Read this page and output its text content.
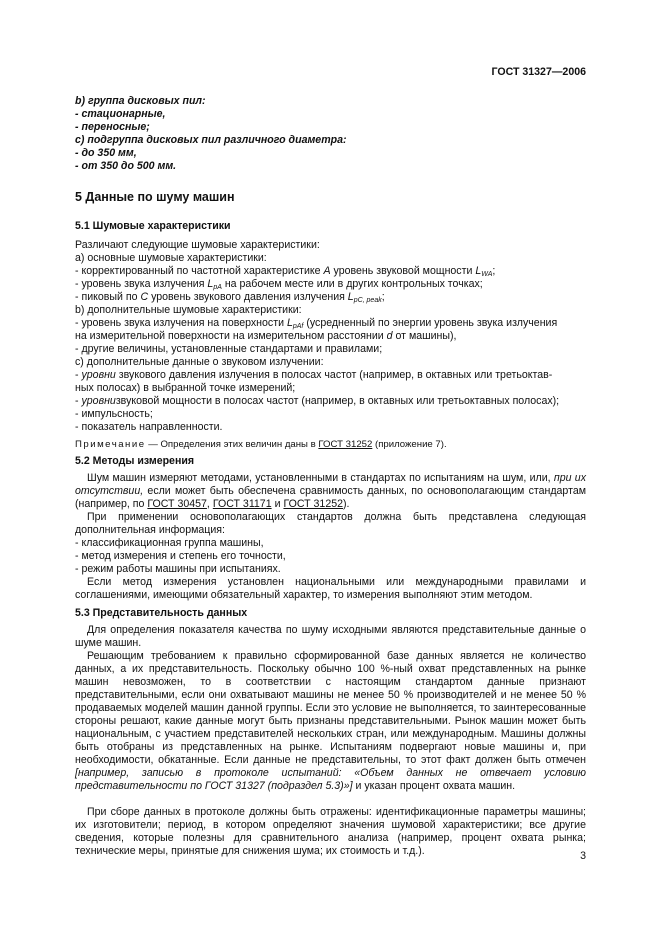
ГОСТ 31327—2006

b) группа дисковых пил:

- стационарные,

- переносные;

c) подгруппа дисковых пил различного диаметра:

- до 350 мм,

- от 350 до 500 мм.

5 Данные по шуму машин

5.1 Шумовые характеристики

Различают следующие шумовые характеристики:

а) основные шумовые характеристики:

- корректированный по частотной характеристике A уровень звуковой мощности $L_{WA}$;

- уровень звука излучения $L_{pA}$ на рабочем месте или в других контрольных точках;

- пиковый по C уровень звукового давления излучения $L_{pC, peak}$;

b) дополнительные шумовые характеристики:

- уровень звука излучения на поверхности $L_{pAf}$ (усредненный по энергии уровень звука излучения

на измерительной поверхности на измерительном расстоянии d от машины),

- другие величины, установленные стандартами и правилами;

с) дополнительные данные о звуковом излучении:

- уровни звукового давления излучения в полосах частот (например, в октавных или третьоктав-

ных полосах) в выбранной точке измерений;

- уровнизвуковой мощности в полосах частот (например, в октавных или третьоктавных полосах);

- импульсность;

- показатель направленности.

Примечание — Определения этих величин даны в ГОСТ 31252 (приложение 7).

5.2 Методы измерения

Шум машин измеряют методами, установленными в стандартах по испытаниям на шум, или, при их отсутствии, если может быть обеспечена сравнимость данных, по основополагающим стандартам (например, по ГОСТ 30457, ГОСТ 31171 и ГОСТ 31252).

При применении основополагающих стандартов должна быть представлена следующая дополнительная информация:

- классификационная группа машины,

- метод измерения и степень его точности,

- режим работы машины при испытаниях.

Если метод измерения установлен национальными или международными правилами и соглашениями, имеющими обязательный характер, то измерения выполняют этим методом.

5.3 Представительность данных

Для определения показателя качества по шуму исходными являются представительные данные о шуме машин.

Решающим требованием к правильно сформированной базе данных является не количество данных, а их представительность. Поскольку обычно 100 %-ный охват представленных на рынке машин невозможен, то в соответствии с настоящим стандартом данные признают представительными, если они охватывают машины не менее 50 % производителей и не менее 50 % продаваемых моделей машин данной группы. Если это условие не выполняется, то заинтересованные стороны решают, какие данные могут быть признаны представительными. Рынок машин может быть национальным, с участием представителей нескольких стран, или международным. Машины должны быть отобраны из представленных на рынке. Испытаниям подвергают новые машины и, при необходимости, обкатанные. Если данные не представительны, то этот факт должен быть отмечен [например, записью в протоколе испытаний: «Объем данных не отвечает условию представительности по ГОСТ 31327 (подраздел 5.3)»] и указан процент охвата машин.

При сборе данных в протоколе должны быть отражены: идентификационные параметры машины; их изготовители; период, в котором определяют значения шумовой характеристики; все другие сведения, которые полезны для сравнительного анализа (например, процент охвата рынка; технические меры, принятые для снижения шума; их стоимость и т.д.).	3
